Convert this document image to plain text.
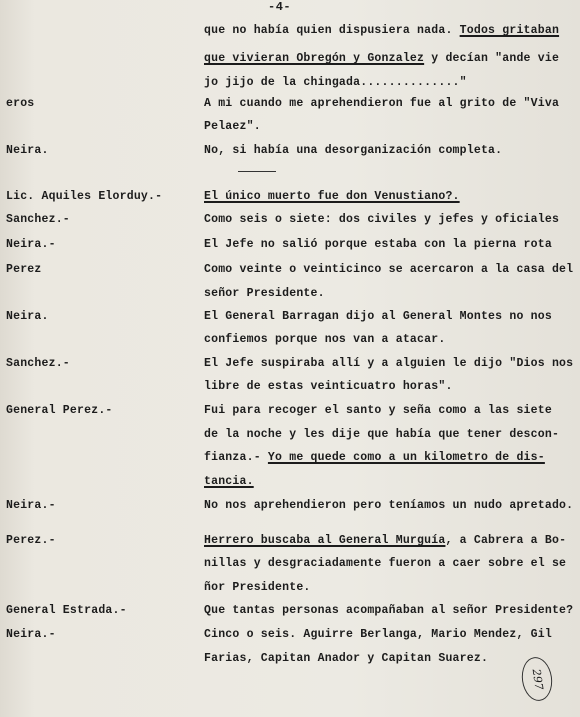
-4-
que no había quien dispusiera nada. Todos gritaban
que vivieran Obregón y Gonzalez y decían "ande vie
jo jijo de la chingada.............."
eros	A mi cuando me aprehendieron fue al grito de "Viva
Pelaez".
Neira.	No, si había una desorganización completa.
Lic. Aquiles Elorduy.-	El único muerto fue don Venustiano?.
Sanchez.-	Como seis o siete: dos civiles y jefes y oficiales
Neira.-	El Jefe no salió porque estaba con la pierna rota
Perez	Como veinte o veinticinco se acercaron a la casa del
señor Presidente.
Neira.	El General Barragan dijo al General Montes no nos
confiemos porque nos van a atacar.
Sanchez.-	El Jefe suspiraba allí y a alguien le dijo "Dios nos
libre de estas veinticuatro horas".
General Perez.-	Fui para recoger el santo y seña como a las siete
de la noche y les dije que había que tener descon-
fianza.- Yo me quede como a un kilometro de dis-
tancia.
Neira.-	No nos aprehendieron pero teníamos un nudo apretado.
Perez.-	Herrero buscaba al General Murguía, a Cabrera a Bo-
nillas y desgraciadamente fueron a caer sobre el se
ñor Presidente.
General Estrada.-	Que tantas personas acompañaban al señor Presidente?
Neira.-	Cinco o seis. Aguirre Berlanga, Mario Mendez, Gil
Farias, Capitan Anador y Capitan Suarez.
297
